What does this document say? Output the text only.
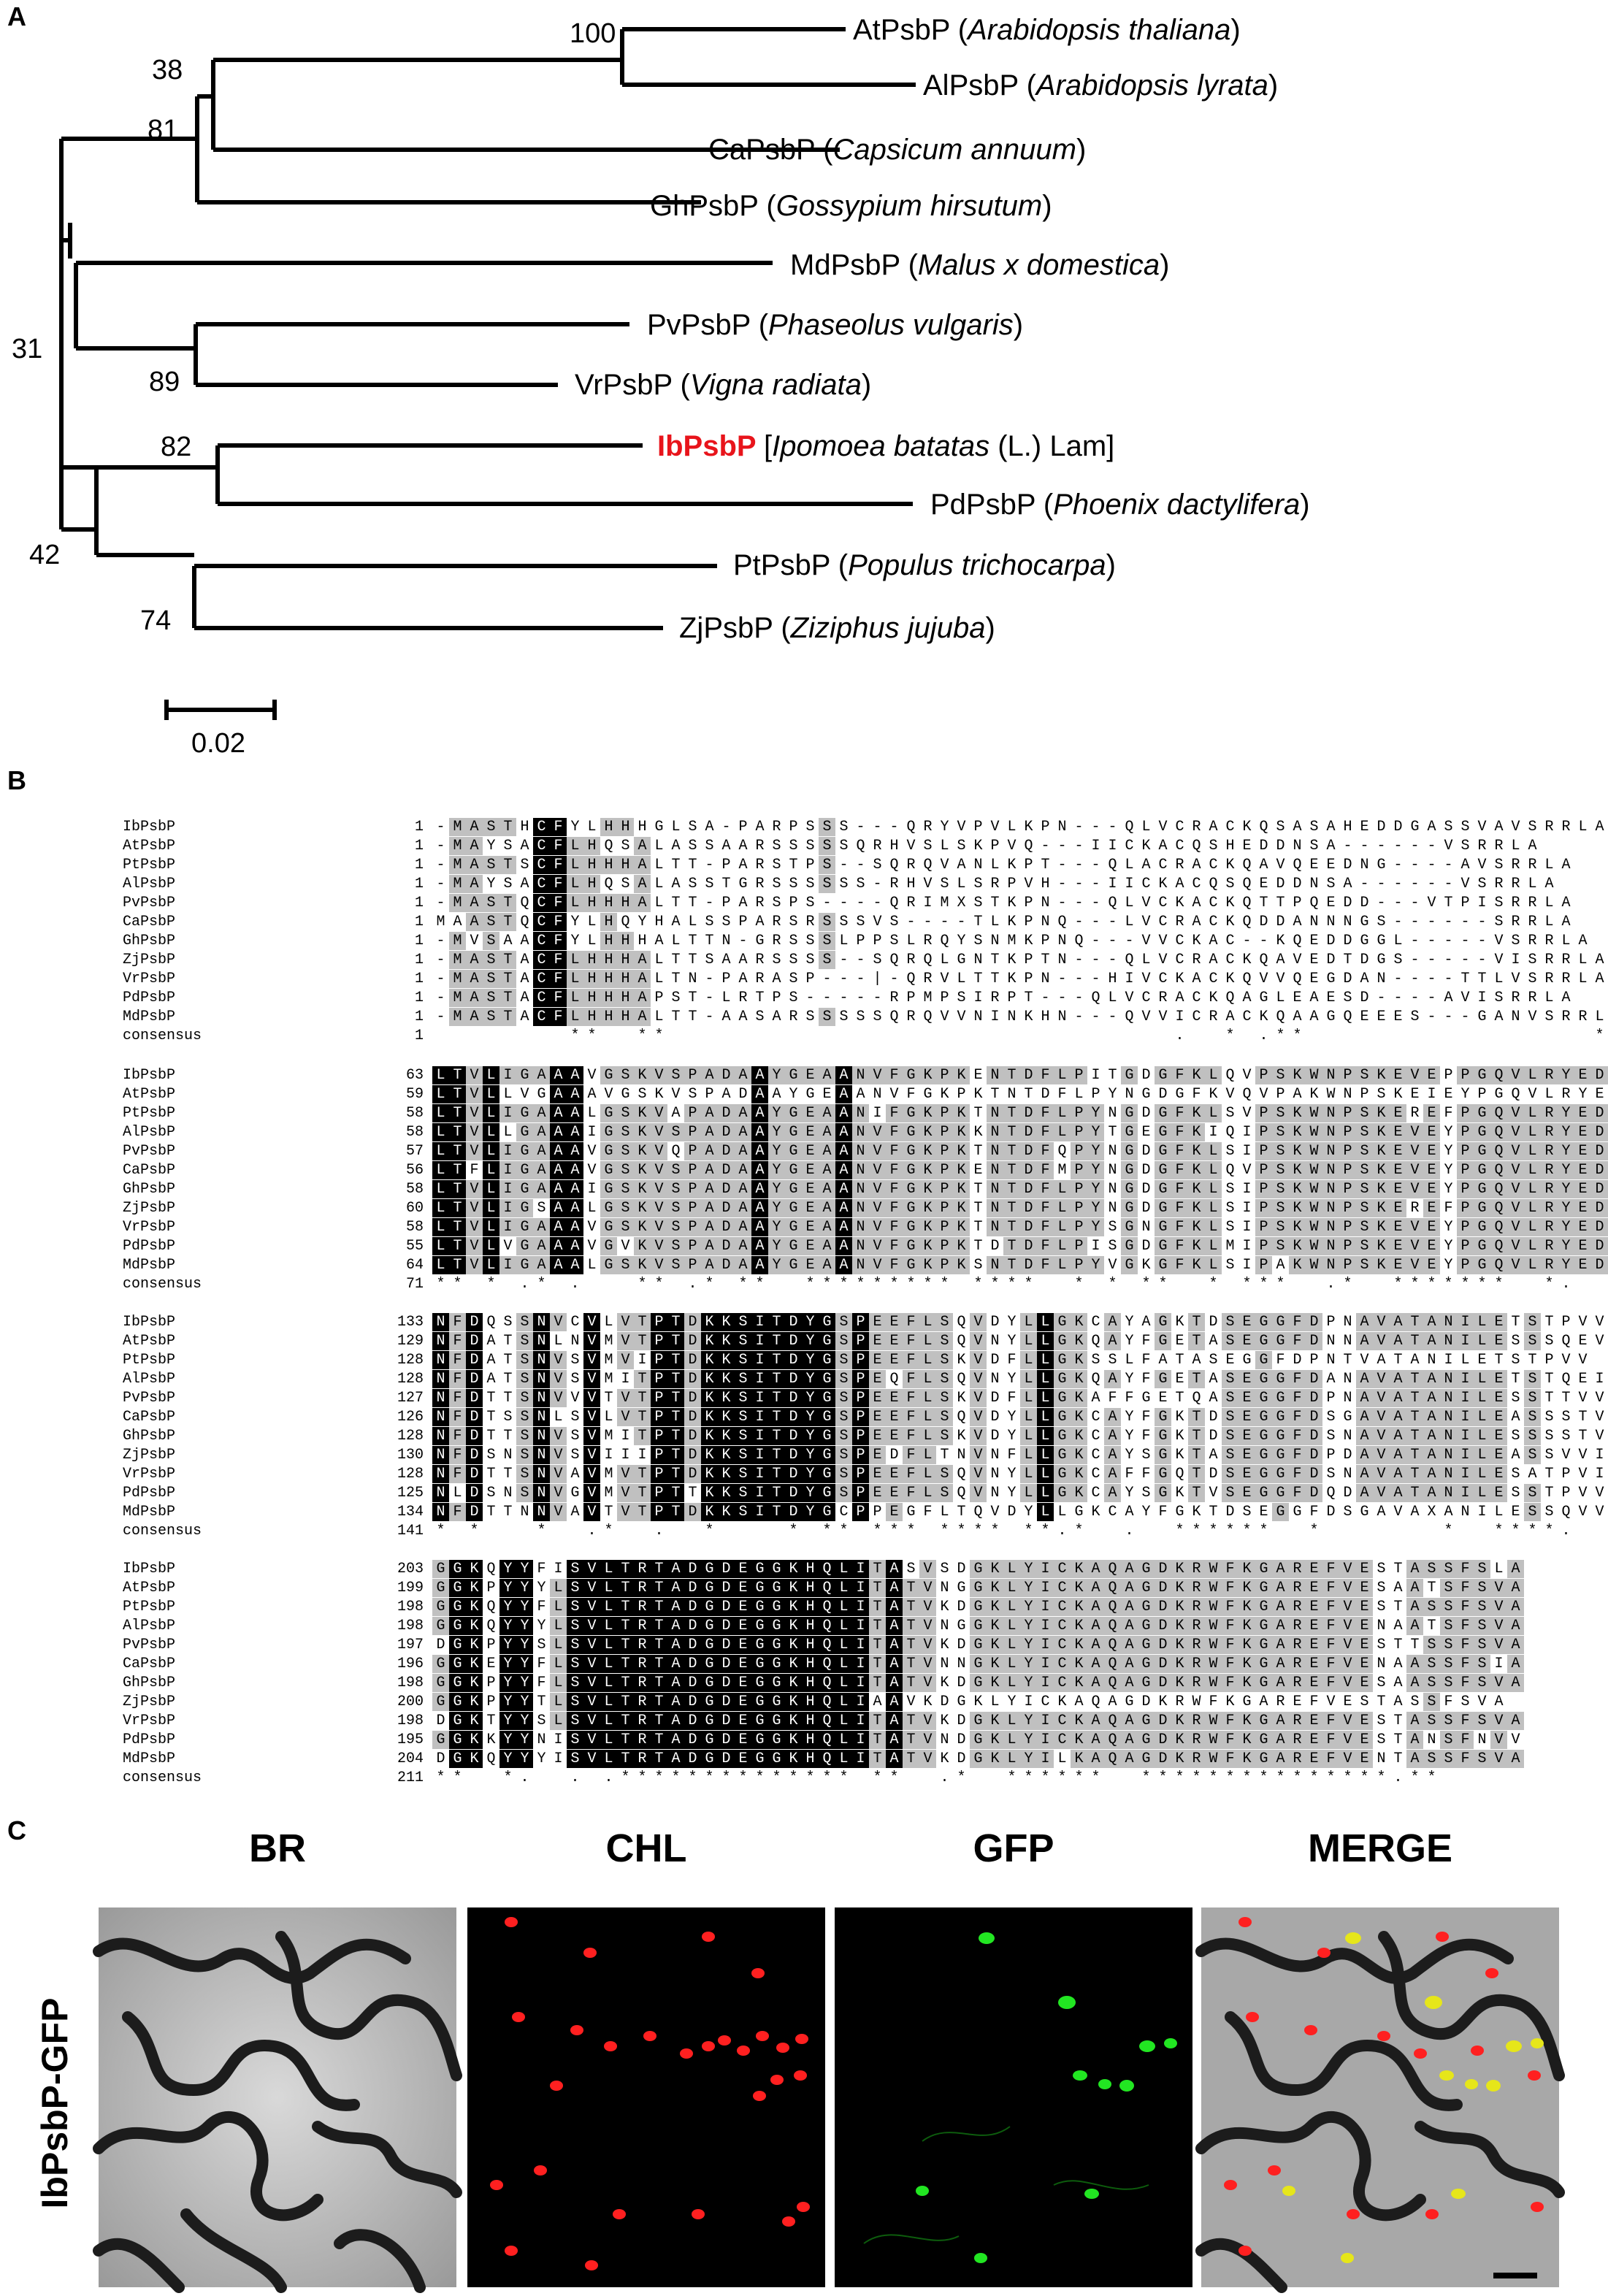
A
B
C
0.02
100
38
81
31
89
82
42
74
AtPsbP (Arabidopsis thaliana)
AlPsbP (Arabidopsis lyrata)
CaPsbP (Capsicum annuum)
GhPsbP (Gossypium hirsutum)
MdPsbP (Malus x domestica)
PvPsbP (Phaseolus vulgaris)
VrPsbP (Vigna radiata)
IbPsbP [Ipomoea batatas (L.) Lam]
PdPsbP (Phoenix dactylifera)
PtPsbP (Populus trichocarpa)
ZjPsbP (Ziziphus jujuba)
IbPsbP	1 - M A S T H C F Y L H H H G L S A - P A R P S S S - - - Q R Y V P V L K P N - - - Q L V C R A C K Q S A S A H E D D G A S S V A V S R R L A
AtPsbP	1 - M A Y S A C F L H Q S A L A S S A A R S S S S S Q R H V S L S K P V Q - - - I I C K A C Q S H E D D N S A - - - - - - V S R R L A
PtPsbP	1 - M A S T S C F L H H H A L T T - P A R S T P S - - S Q R Q V A N L K P T - - - Q L A C R A C K Q A V Q E E D N G - - - - A V S R R L A
AlPsbP	1 - M A Y S A C F L H Q S A L A S S T G R S S S S S S - R H V S L S R P V H - - - I I C K A C Q S Q E D D N S A - - - - - - V S R R L A
PvPsbP	1 - M A S T Q C F L H H H A L T T - P A R S P S - - - - Q R I M X S T K P N - - - Q L V C K A C K Q T T P Q E D D - - - V T P I S R R L A
CaPsbP	1 M A A S T Q C F Y L H Q Y H A L S S P A R S R S S S V S - - - - T L K P N Q - - - L V C R A C K Q D D A N N N G S - - - - - - S R R L A
GhPsbP	1 - M V S A A C F Y L H H H A L T T N - G R S S S L P P S L R Q Y S N M K P N Q - - - V V C K A C - - K Q E D D G G L - - - - - V S R R L A
ZjPsbP	1 - M A S T A C F L H H H A L T T S A A R S S S S - - S Q R Q L G N T K P T N - - - Q L V C R A C K Q A V E D T D G S - - - - - V I S R R L A
VrPsbP	1 - M A S T A C F L H H H A L T N - P A R A S P - - - | - Q R V L T T K P N - - - H I V C K A C K Q V V Q E G D A N - - - - T T L V S R R L A
PdPsbP	1 - M A S T A C F L H H H A P S T - L R T P S - - - - - R P M P S I R P T - - - Q L V C R A C K Q A G L E A E S D - - - - A V I S R R L A
MdPsbP	1 - M A S T A C F L H H H A L T T - A A S A R S S S S S Q R Q V V N I N K H N - - - Q V V I C R A C K Q A A G Q E E E S - - - G A N V S R R L
consensus	1	* *	* *	.	* . * *	*
IbPsbP	63 L T V L I G A A A V G S K V S P A D A A Y G E A A N V F G K P K E N T D F L P I T G D G F K L Q V P S K W N P S K E V E P P G Q V L R Y E D
AtPsbP	59 L T V L L V G A A A V G S K V S P A D A A Y G E A A N V F G K P K T N T D F L P Y N G D G F K V Q V P A K W N P S K E I E Y P G Q V L R Y E
PtPsbP	58 L T V L I G A A A L G S K V A P A D A A Y G E A A N I F G K P K T N T D F L P Y N G D G F K L S V P S K W N P S K E R E F P G Q V L R Y E D
AlPsbP	58 L T V L L G A A A I G S K V S P A D A A Y G E A A N V F G K P K K N T D F L P Y T G E G F K I Q I P S K W N P S K E V E Y P G Q V L R Y E D
PvPsbP	57 L T V L I G A A A V G S K V Q P A D A A Y G E A A N V F G K P K T N T D F Q P Y N G D G F K L S I P S K W N P S K E V E Y P G Q V L R Y E D
CaPsbP	56 L T F L I G A A A V G S K V S P A D A A Y G E A A N V F G K P K E N T D F M P Y N G D G F K L Q V P S K W N P S K E V E Y P G Q V L R Y E D
GhPsbP	58 L T V L I G A A A I G S K V S P A D A A Y G E A A N V F G K P K T N T D F L P Y N G D G F K L S I P S K W N P S K E V E Y P G Q V L R Y E D
ZjPsbP	60 L T V L I G S A A L G S K V S P A D A A Y G E A A N V F G K P K T N T D F L P Y N G D G F K L S I P S K W N P S K E R E F P G Q V L R Y E D
VrPsbP	58 L T V L I G A A A V G S K V S P A D A A Y G E A A N V F G K P K T N T D F L P Y S G N G F K L S I P S K W N P S K E V E Y P G Q V L R Y E D
PdPsbP	55 L T V L V G A A A V G V K V S P A D A A Y G E A A N V F G K P K T D T D F L P I S G D G F K L M I P S K W N P S K E V E Y P G Q V L R Y E D
MdPsbP	64 L T V L I G A A A L G S K V S P A D A A Y G E A A N V F G K P K S N T D F L P Y V G K G F K L S I P A K W N P S K E V E Y P G Q V L R Y E D
consensus	71 * * * . * .	* * . * * *	* * * * * * * * * * * * *	* * * *	* * * *	. *	* * * * * * *	* .
IbPsbP	133 N F D Q S S N V C V L V T P T D K K S I T D Y G S P E E F L S Q V D Y L L G K C A Y A G K T D S E G G F D P N A V A T A N I L E T S T P V V
AtPsbP	129 N F D A T S N L N V M V T P T D K K S I T D Y G S P E E F L S Q V N Y L L G K Q A Y F G E T A S E G G F D N N A V A T A N I L E S S S Q E V
PtPsbP	128 N F D A T S N V S V M V I P T D K K S I T D Y G S P E E F L S K V D F L L G K S S L F A T A S E G G F D P N T V A T A N I L E T S T P V V
AlPsbP	128 N F D A T S N V S V M I T P T D K K S I T D Y G S P E Q F L S Q V N Y L L G K Q A Y F G E T A S E G G F D A N A V A T A N I L E T S T Q E I
PvPsbP	127 N F D T T S N V V V T V T P T D K K S I T D Y G S P E E F L S K V D F L L G K A F F G E T Q A S E G G F D P N A V A T A N I L E S S T T V V
CaPsbP	126 N F D T S S N L S V L V T P T D K K S I T D Y G S P E E F L S Q V D Y L L G K C A Y F G K T D S E G G F D S G A V A T A N I L E A S S S T V
GhPsbP	128 N F D T T S N V S V M I T P T D K K S I T D Y G S P E E F L S K V D Y L L G K C A Y F G K T D S E G G F D S N A V A T A N I L E S S S S T V
ZjPsbP	130 N F D S N S N V S V I I I P T D K K S I T D Y G S P E D F L T N V N F L L G K C A Y S G K T A S E G G F D P D A V A T A N I L E A S S V V I
VrPsbP	128 N F D T T S N V A V M V T P T D K K S I T D Y G S P E E F L S Q V N Y L L G K C A F F G Q T D S E G G F D S N A V A T A N I L E S A T P V I
PdPsbP	125 N L D S N S N V G V M V T P T T K K S I T D Y G S P E E F L S Q V N Y L L G K C A Y S G K T V S E G G F D Q D A V A T A N I L E S S T P V V
MdPsbP	134 N F D T T N N V A V T V T P T D K K S I T D Y G C P P E G F L T Q V D Y L L G K C A Y F G K T D S E G G F D S G A V A X A N I L E S S Q V V
consensus	141 * *	*	. *	.	*	* * * * * * * * * * * * . *	.	* * * * * *	*	*	* * * * .
IbPsbP	203 G G K Q Y Y F I S V L T R T A D G D E G G K H Q L I T A S V S D G K L Y I C K A Q A G D K R W F K G A R E F V E S T A S S F S L A
AtPsbP	199 G G K P Y Y Y L S V L T R T A D G D E G G K H Q L I T A T V N G G K L Y I C K A Q A G D K R W F K G A R E F V E S A A T S F S V A
PtPsbP	198 G G K Q Y Y F L S V L T R T A D G D E G G K H Q L I T A T V K D G K L Y I C K A Q A G D K R W F K G A R E F V E S T A S S F S V A
AlPsbP	198 G G K Q Y Y Y L S V L T R T A D G D E G G K H Q L I T A T V N G G K L Y I C K A Q A G D K R W F K G A R E F V E N A A T S F S V A
PvPsbP	197 D G K P Y Y S L S V L T R T A D G D E G G K H Q L I T A T V K D G K L Y I C K A Q A G D K R W F K G A R E F V E S T T S S F S V A
CaPsbP	196 G G K E Y Y F L S V L T R T A D G D E G G K H Q L I T A T V N N G K L Y I C K A Q A G D K R W F K G A R E F V E N A A S S F S I A
GhPsbP	198 G G K P Y Y F L S V L T R T A D G D E G G K H Q L I T A T V K D G K L Y I C K A Q A G D K R W F K G A R E F V E S A A S S F S V A
ZjPsbP	200 G G K P Y Y T L S V L T R T A D G D E G G K H Q L I A A V K D G K L Y I C K A Q A G D K R W F K G A R E F V E S T A S S F S V A
VrPsbP	198 D G K T Y Y S L S V L T R T A D G D E G G K H Q L I T A T V K D G K L Y I C K A Q A G D K R W F K G A R E F V E S T A S S F S V A
PdPsbP	195 G G K K Y Y N I S V L T R T A D G D E G G K H Q L I T A T V N D G K L Y I C K A Q A G D K R W F K G A R E F V E S T A N S F N V V
MdPsbP	204 D G K Q Y Y Y I S V L T R T A D G D E G G K H Q L I T A T V K D G K L Y I L K A Q A G D K R W F K G A R E F V E N T A S S F S V A
consensus	211 * *	* .	. . * * * * * * * * * * * * * * * *	. *	* * * * * *	* * * * * * * * * * * * * * * . * *
IbPsbP-GFP
BR	CHL	GFP	MERGE
